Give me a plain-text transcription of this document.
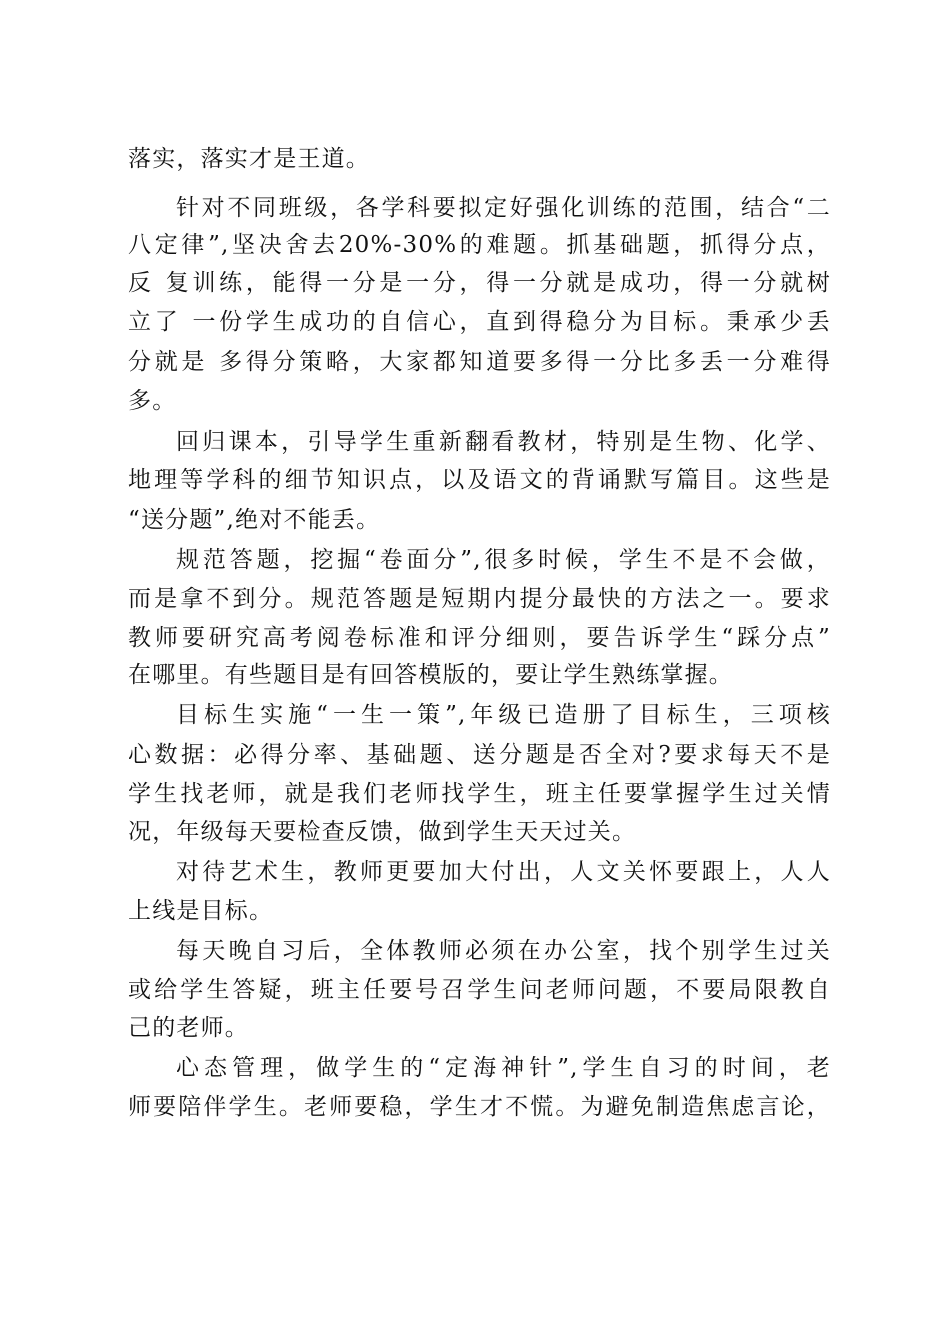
落实，落实才是王道。
针对不同班级，各学科要拟定好强化训练的范围，结合“二
八定律”,坚决舍去20%-30%的难题。抓基础题，抓得分点，
反 复训练，能得一分是一分，得一分就是成功，得一分就树
立了 一份学生成功的自信心，直到得稳分为目标。秉承少丢
分就是 多得分策略，大家都知道要多得一分比多丢一分难得
多。
回归课本，引导学生重新翻看教材，特别是生物、化学、
地理等学科的细节知识点，以及语文的背诵默写篇目。这些是
“送分题”,绝对不能丢。
规范答题，挖掘“卷面分”,很多时候，学生不是不会做，
而是拿不到分。规范答题是短期内提分最快的方法之一。要求
教师要研究高考阅卷标准和评分细则，要告诉学生“踩分点”
在哪里。有些题目是有回答模版的，要让学生熟练掌握。
目标生实施“一生一策”,年级已造册了目标生，三项核
心数据：必得分率、基础题、送分题是否全对?要求每天不是
学生找老师，就是我们老师找学生，班主任要掌握学生过关情
况，年级每天要检查反馈，做到学生天天过关。
对待艺术生，教师更要加大付出，人文关怀要跟上，人人
上线是目标。
每天晚自习后，全体教师必须在办公室，找个别学生过关
或给学生答疑，班主任要号召学生问老师问题，不要局限教自
己的老师。
心态管理，做学生的“定海神针”,学生自习的时间，老
师要陪伴学生。老师要稳，学生才不慌。为避免制造焦虑言论，
